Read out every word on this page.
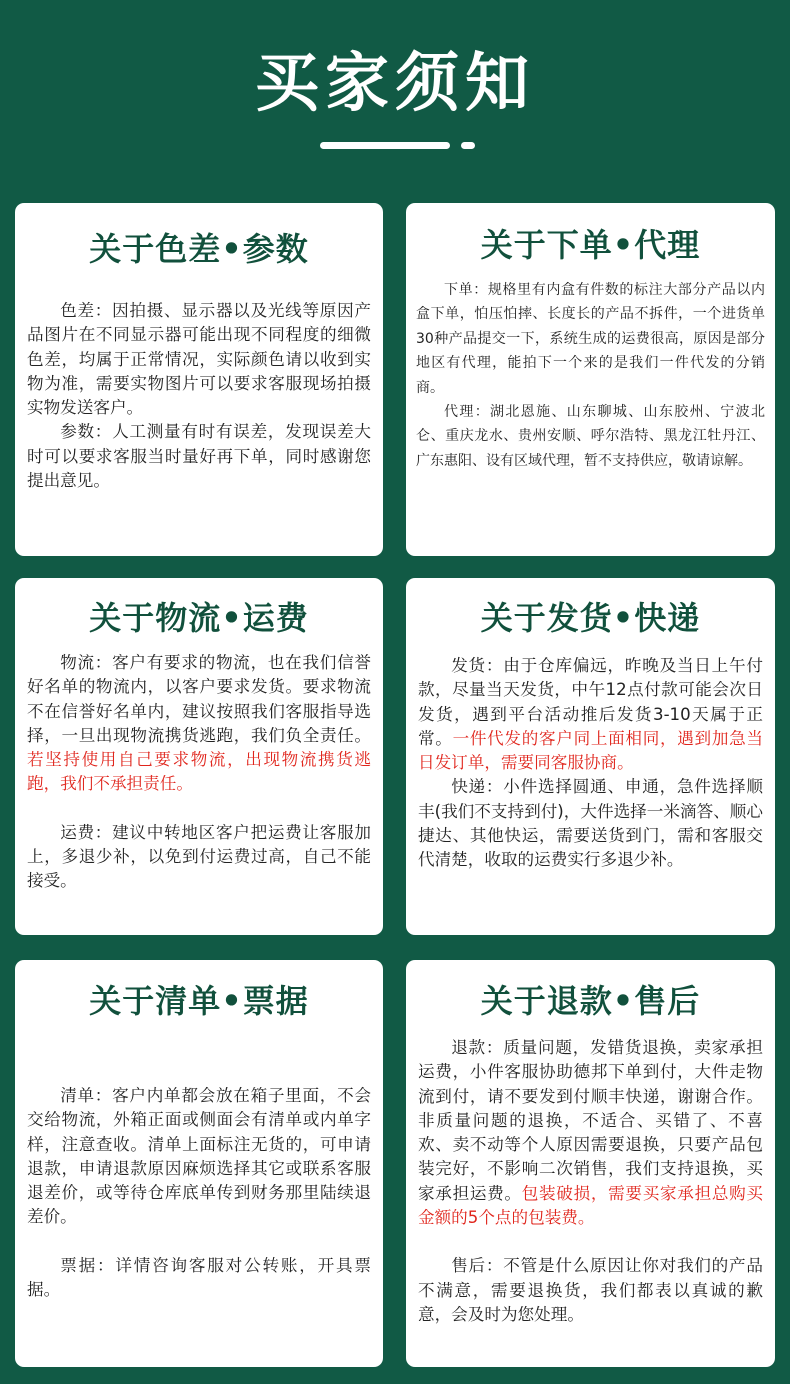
买家须知
关于色差•参数

色差：因拍摄、显示器以及光线等原因产品图片在不同显示器可能出现不同程度的细微色差，均属于正常情况，实际颜色请以收到实物为准，需要实物图片可以要求客服现场拍摄实物发送客户。

参数：人工测量有时有误差，发现误差大时可以要求客服当时量好再下单，同时感谢您提出意见。

关于下单•代理

下单：规格里有内盒有件数的标注大部分产品以内盒下单，怕压怕摔、长度长的产品不拆件，一个进货单30种产品提交一下，系统生成的运费很高，原因是部分地区有代理，能拍下一个来的是我们一件代发的分销商。

代理：湖北恩施、山东聊城、山东胶州、宁波北仑、重庆龙水、贵州安顺、呼尔浩特、黑龙江牡丹江、广东惠阳、设有区域代理，暂不支持供应，敬请谅解。

关于物流•运费

物流：客户有要求的物流，也在我们信誉好名单的物流内，以客户要求发货。要求物流不在信誉好名单内，建议按照我们客服指导选择，一旦出现物流携货逃跑，我们负全责任。若坚持使用自己要求物流，出现物流携货逃跑，我们不承担责任。

运费：建议中转地区客户把运费让客服加上，多退少补，以免到付运费过高，自己不能接受。

关于发货•快递

发货：由于仓库偏远，昨晚及当日上午付款，尽量当天发货，中午12点付款可能会次日发货，遇到平台活动推后发货3-10天属于正常。一件代发的客户同上面相同，遇到加急当日发订单，需要同客服协商。

快递：小件选择圆通、申通，急件选择顺丰(我们不支持到付)，大件选择一米滴答、顺心捷达、其他快运，需要送货到门，需和客服交代清楚，收取的运费实行多退少补。

关于清单•票据

清单：客户内单都会放在箱子里面，不会交给物流，外箱正面或侧面会有清单或内单字样，注意查收。清单上面标注无货的，可申请退款，申请退款原因麻烦选择其它或联系客服退差价，或等待仓库底单传到财务那里陆续退差价。

票据：详情咨询客服对公转账，开具票据。

关于退款•售后

退款：质量问题，发错货退换，卖家承担运费，小件客服协助德邦下单到付，大件走物流到付，请不要发到付顺丰快递，谢谢合作。非质量问题的退换，不适合、买错了、不喜欢、卖不动等个人原因需要退换，只要产品包装完好，不影响二次销售，我们支持退换，买家承担运费。包装破损，需要买家承担总购买金额的5个点的包装费。

售后：不管是什么原因让你对我们的产品不满意，需要退换货，我们都表以真诚的歉意，会及时为您处理。
